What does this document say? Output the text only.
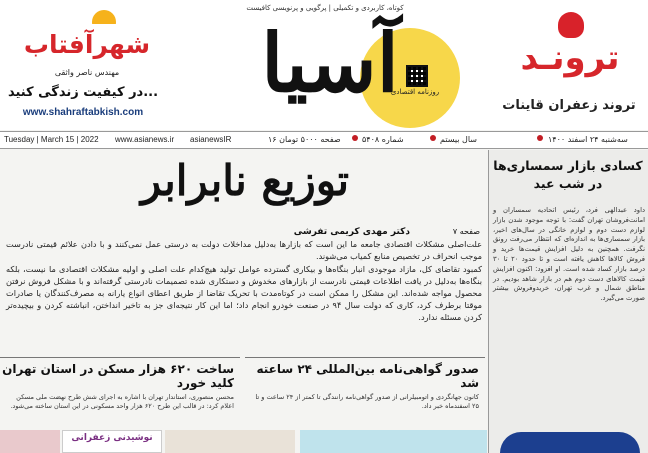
شهرآفتاب
مهندس ناصر واثقی
در کیفیت زندگی کنید...
www.shahraftabkish.com
کوتاه، کاربردی و تکمیلی | پرگویی و پرنویسی کافیست
آسیا
روزنامه اقتصادی
ترونـد
تروند زعفران قاینات
Tuesday | March 15 | 2022 www.asianews.ir asianewsIR	۱۶ صفحه ۵۰۰۰ تومان	شماره ۵۴۰۸	سال بیستم	سه‌شنبه ۲۴ اسفند ۱۴۰۰
توزیع نابرابر
دکتر مهدی کریمی تفرشی	صفحه ۷

علت‌اصلی مشکلات اقتصادی جامعه ما این است که بازارها به‌دلیل مداخلات دولت به درستی عمل نمی‌کنند و با دادن علائم قیمتی نادرست موجب انحراف در تخصیص منابع کمیاب می‌شوند.

کمبود تقاضای کل، مازاد موجودی انبار بنگاه‌ها و بیکاری گسترده عوامل تولید هیچ‌کدام علت اصلی و اولیه مشکلات اقتصادی ما نیست، بلکه بنگاه‌ها به‌دلیل در یافت اطلاعات قیمتی نادرست از بازارهای مخدوش و دستکاری شده تصمیمات نادرستی گرفته‌اند و با مشکل فروش نرفتن محصول مواجه شده‌اند. این مشکل را ممکن است در کوتاه‌مدت با تحریک تقاضا از طریق اعطای انواع یارانه به مصرف‌کنندگان یا صادرات موقتا برطرف کرد، کاری که دولت سال ۹۴ در صنعت خودرو انجام داد؛ اما این کار نتیجه‌ای جز به تاخیر انداختن، انباشته کردن و بیچیده‌تر کردن مسئله ندارد.

ساخت ۶۲۰ هزار مسکن در استان تهران کلید خورد

محسن منصوری، استاندار تهران با اشاره به اجرای شش طرح نهضت ملی مسکن اعلام کرد: در قالب این طرح ۶۲۰ هزار واحد مسکونی در این استان ساخته می‌شود.

صدور گواهی‌نامه بین‌المللی ۲۴ ساعته شد

کانون جهانگردی و اتومبیلرانی از صدور گواهی‌نامه رانندگی تا کمتر از ۲۴ ساعت و تا ۲۵ اسفندماه خبر داد.

نوشیدنی زعفرانی
کسادی بازار سمساری‌ها در شب عید
داود عبدالهی فرد، رئیس اتحادیه سمساران و امانت‌فروشان تهران گفت: با توجه موجود شدن بازار لوازم دست دوم و لوازم خانگی در سال‌های اخیر، بازار سمساری‌ها به اندازه‌ای که انتظار می‌رفت رونق نگرفت. همچنین به دلیل افزایش قیمت‌ها خرید و فروش کالاها کاهش یافته است و تا حدود ۲۰ تا ۳۰ درصد بازار کساد شده است. او افزود: اکنون افزایش قیمت کالاهای دست دوم هم در بازار شاهد بودیم. در مناطق شمال و غرب تهران، خریدوفروش بیشتر صورت می‌گیرد.
